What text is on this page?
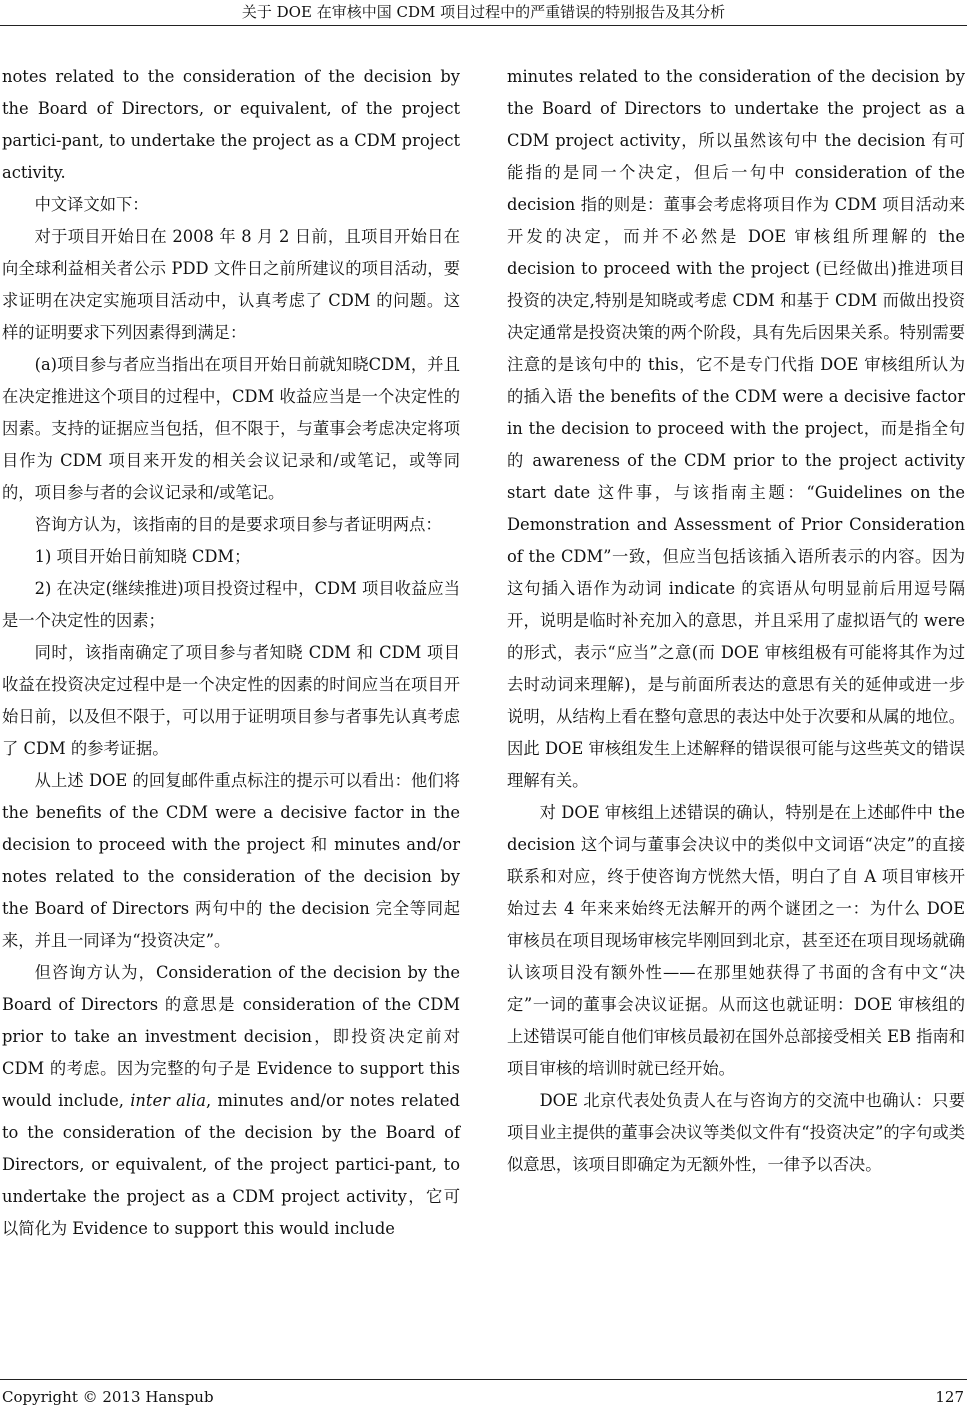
关于 DOE 在审核中国 CDM 项目过程中的严重错误的特别报告及其分析

notes related to the consideration of the decision by the Board of Directors, or equivalent, of the project partici-pant, to undertake the project as a CDM project activity.

中文译文如下：

对于项目开始日在 2008 年 8 月 2 日前，且项目开始日在向全球利益相关者公示 PDD 文件日之前所建议的项目活动，要求证明在决定实施项目活动中，认真考虑了 CDM 的问题。这样的证明要求下列因素得到满足：

(a)项目参与者应当指出在项目开始日前就知晓CDM，并且在决定推进这个项目的过程中，CDM 收益应当是一个决定性的因素。支持的证据应当包括，但不限于，与董事会考虑决定将项目作为 CDM 项目来开发的相关会议记录和/或笔记，或等同的，项目参与者的会议记录和/或笔记。

咨询方认为，该指南的目的是要求项目参与者证明两点：

1) 项目开始日前知晓 CDM；

2) 在决定(继续推进)项目投资过程中，CDM 项目收益应当是一个决定性的因素；

同时，该指南确定了项目参与者知晓 CDM 和 CDM 项目收益在投资决定过程中是一个决定性的因素的时间应当在项目开始日前，以及但不限于，可以用于证明项目参与者事先认真考虑了 CDM 的参考证据。

从上述 DOE 的回复邮件重点标注的提示可以看出：他们将 the benefits of the CDM were a decisive factor in the decision to proceed with the project 和 minutes and/or notes related to the consideration of the decision by the Board of Directors 两句中的 the decision 完全等同起来，并且一同译为“投资决定”。

但咨询方认为，Consideration of the decision by the Board of Directors 的意思是 consideration of the CDM prior to take an investment decision，即投资决定前对 CDM 的考虑。因为完整的句子是 Evidence to support this would include, inter alia, minutes and/or notes related to the consideration of the decision by the Board of Directors, or equivalent, of the project partici-pant, to undertake the project as a CDM project activity，它可以简化为 Evidence to support this would include

minutes related to the consideration of the decision by the Board of Directors to undertake the project as a CDM project activity，所以虽然该句中 the decision 有可能指的是同一个决定，但后一句中 consideration of the decision 指的则是：董事会考虑将项目作为 CDM 项目活动来开发的决定，而并不必然是 DOE 审核组所理解的 the decision to proceed with the project (已经做出)推进项目投资的决定,特别是知晓或考虑 CDM 和基于 CDM 而做出投资决定通常是投资决策的两个阶段，具有先后因果关系。特别需要注意的是该句中的 this，它不是专门代指 DOE 审核组所认为的插入语 the benefits of the CDM were a decisive factor in the decision to proceed with the project，而是指全句的 awareness of the CDM prior to the project activity start date 这件事，与该指南主题：“Guidelines on the Demonstration and Assessment of Prior Consideration of the CDM”一致，但应当包括该插入语所表示的内容。因为这句插入语作为动词 indicate 的宾语从句明显前后用逗号隔开，说明是临时补充加入的意思，并且采用了虚拟语气的 were 的形式，表示“应当”之意(而 DOE 审核组极有可能将其作为过去时动词来理解)，是与前面所表达的意思有关的延伸或进一步说明，从结构上看在整句意思的表达中处于次要和从属的地位。因此 DOE 审核组发生上述解释的错误很可能与这些英文的错误理解有关。

对 DOE 审核组上述错误的确认，特别是在上述邮件中 the decision 这个词与董事会决议中的类似中文词语“决定”的直接联系和对应，终于使咨询方恍然大悟，明白了自 A 项目审核开始过去 4 年来来始终无法解开的两个谜团之一：为什么 DOE 审核员在项目现场审核完毕刚回到北京，甚至还在项目现场就确认该项目没有额外性——在那里她获得了书面的含有中文“决定”一词的董事会决议证据。从而这也就证明：DOE 审核组的上述错误可能自他们审核员最初在国外总部接受相关 EB 指南和项目审核的培训时就已经开始。

DOE 北京代表处负责人在与咨询方的交流中也确认：只要项目业主提供的董事会决议等类似文件有“投资决定”的字句或类似意思，该项目即确定为无额外性，一律予以否决。

Copyright © 2013 Hanspub	127
